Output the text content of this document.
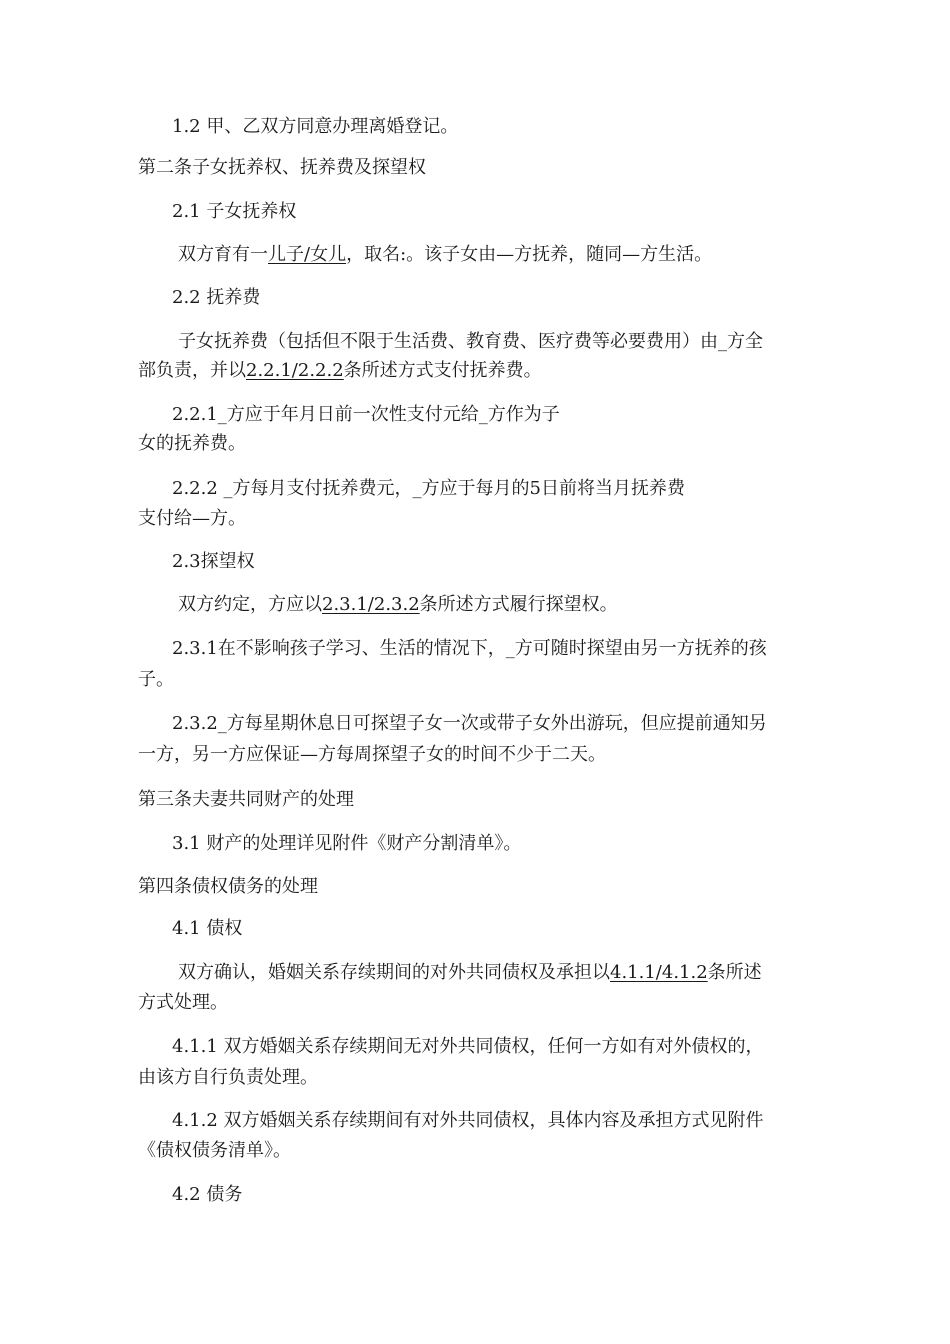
1.2 甲、乙双方同意办理离婚登记。

第二条子女抚养权、抚养费及探望权

2.1 子女抚养权

双方育有一儿子/女儿，取名:。该子女由—方抚养，随同—方生活。

2.2 抚养费

子女抚养费（包括但不限于生活费、教育费、医疗费等必要费用）由_方全

部负责，并以2.2.1/2.2.2条所述方式支付抚养费。

2.2.1_方应于年月日前一次性支付元给_方作为子

女的抚养费。

2.2.2 _方每月支付抚养费元，_方应于每月的5日前将当月抚养费

支付给—方。

2.3探望权

双方约定，方应以2.3.1/2.3.2条所述方式履行探望权。

2.3.1在不影响孩子学习、生活的情况下，_方可随时探望由另一方抚养的孩

子。

2.3.2_方每星期休息日可探望子女一次或带子女外出游玩，但应提前通知另

一方，另一方应保证—方每周探望子女的时间不少于二天。

第三条夫妻共同财产的处理

3.1 财产的处理详见附件《财产分割清单》。

第四条债权债务的处理

4.1 债权

双方确认，婚姻关系存续期间的对外共同债权及承担以4.1.1/4.1.2条所述

方式处理。

4.1.1 双方婚姻关系存续期间无对外共同债权，任何一方如有对外债权的，

由该方自行负责处理。

4.1.2 双方婚姻关系存续期间有对外共同债权，具体内容及承担方式见附件

《债权债务清单》。

4.2 债务
